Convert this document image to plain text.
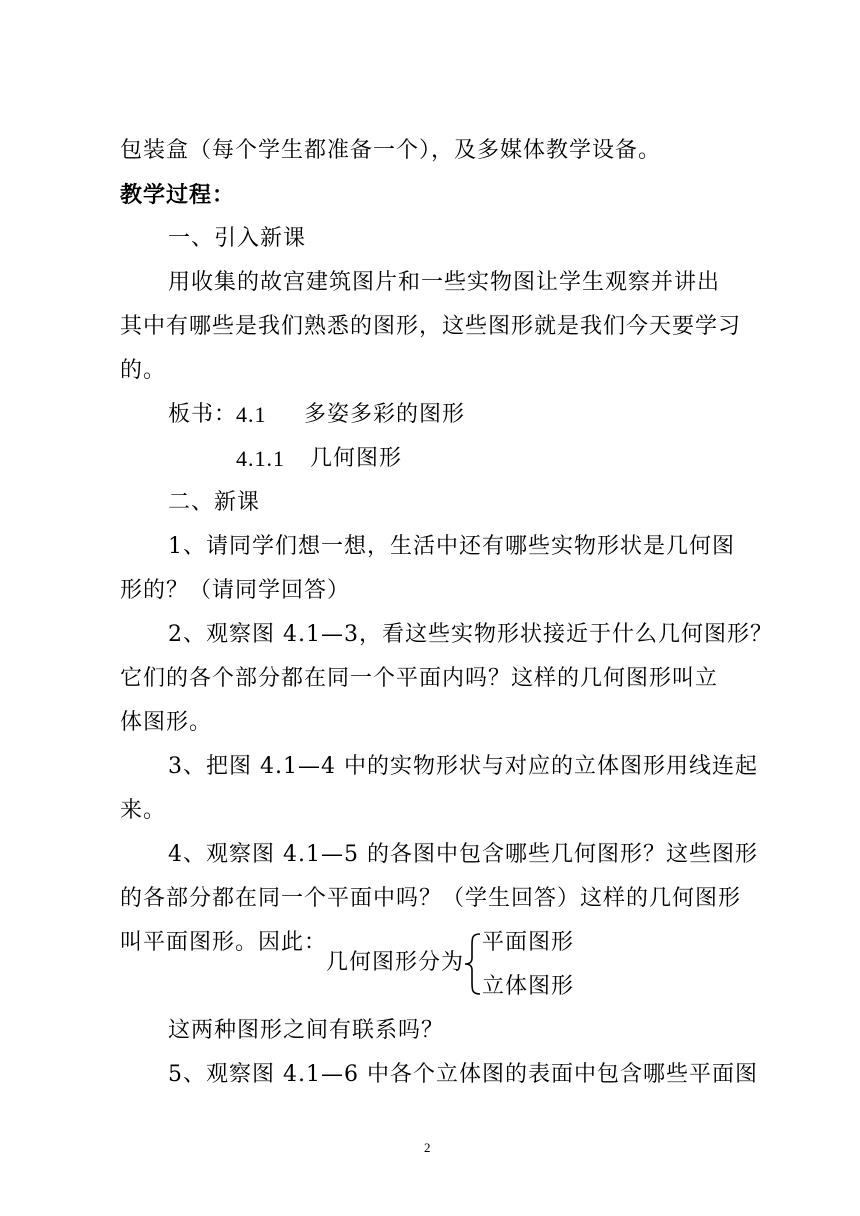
包装盒（每个学生都准备一个），及多媒体教学设备。
教学过程：
一、引入新课
用收集的故宫建筑图片和一些实物图让学生观察并讲出
其中有哪些是我们熟悉的图形，这些图形就是我们今天要学习
的。
板书：
4.1 多姿多彩的图形
4.1.1 几何图形
二、新课
1、请同学们想一想，生活中还有哪些实物形状是几何图
形的？（请同学回答）
2、观察图 4.1—3，看这些实物形状接近于什么几何图形？
它们的各个部分都在同一个平面内吗？这样的几何图形叫立
体图形。
3、把图 4.1—4 中的实物形状与对应的立体图形用线连起
来。
4、观察图 4.1—5 的各图中包含哪些几何图形？这些图形
的各部分都在同一个平面中吗？（学生回答）这样的几何图形
叫平面图形。因此：
几何图形分为
平面图形
立体图形
这两种图形之间有联系吗？
5、观察图 4.1—6 中各个立体图的表面中包含哪些平面图
2
